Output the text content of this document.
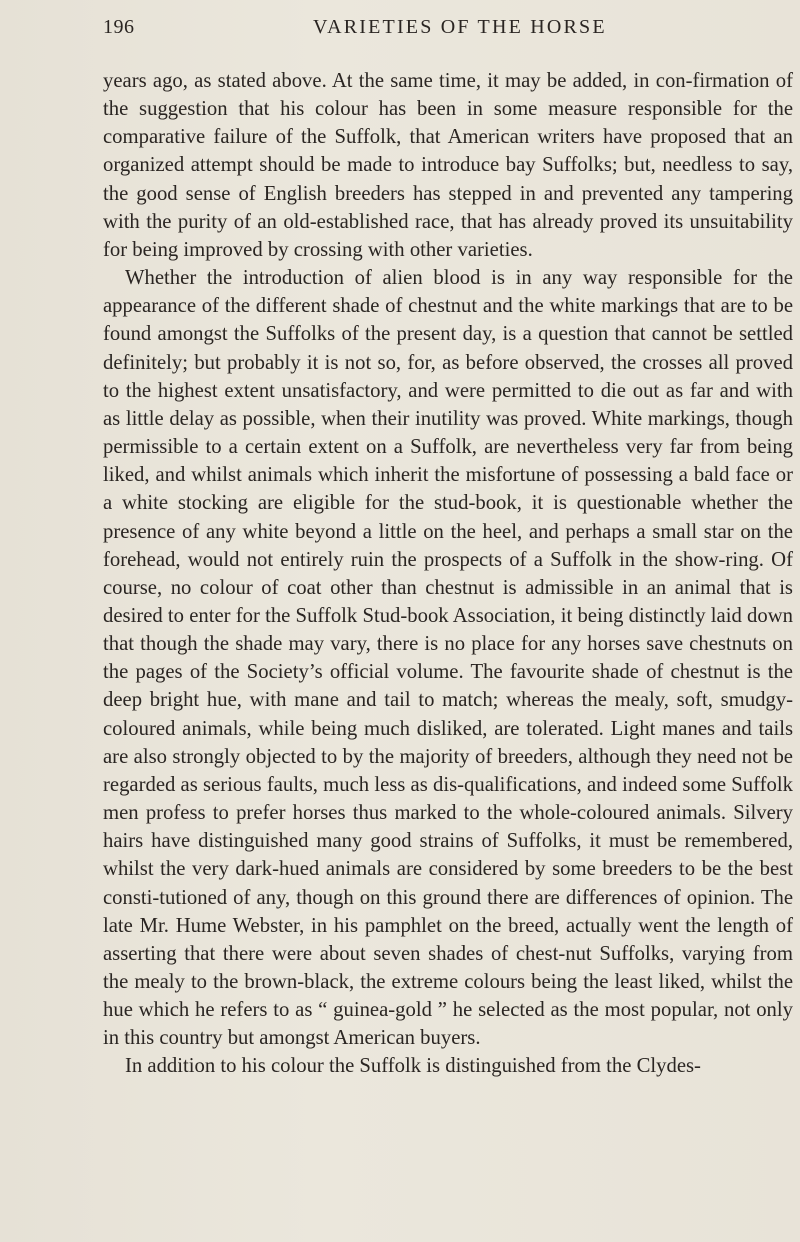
196	VARIETIES OF THE HORSE

years ago, as stated above. At the same time, it may be added, in con-firmation of the suggestion that his colour has been in some measure responsible for the comparative failure of the Suffolk, that American writers have proposed that an organized attempt should be made to introduce bay Suffolks; but, needless to say, the good sense of English breeders has stepped in and prevented any tampering with the purity of an old-established race, that has already proved its unsuitability for being improved by crossing with other varieties.

Whether the introduction of alien blood is in any way responsible for the appearance of the different shade of chestnut and the white markings that are to be found amongst the Suffolks of the present day, is a question that cannot be settled definitely; but probably it is not so, for, as before observed, the crosses all proved to the highest extent unsatisfactory, and were permitted to die out as far and with as little delay as possible, when their inutility was proved. White markings, though permissible to a certain extent on a Suffolk, are nevertheless very far from being liked, and whilst animals which inherit the misfortune of possessing a bald face or a white stocking are eligible for the stud-book, it is questionable whether the presence of any white beyond a little on the heel, and perhaps a small star on the forehead, would not entirely ruin the prospects of a Suffolk in the show-ring. Of course, no colour of coat other than chestnut is admissible in an animal that is desired to enter for the Suffolk Stud-book Association, it being distinctly laid down that though the shade may vary, there is no place for any horses save chestnuts on the pages of the Society’s official volume. The favourite shade of chestnut is the deep bright hue, with mane and tail to match; whereas the mealy, soft, smudgy-coloured animals, while being much disliked, are tolerated. Light manes and tails are also strongly objected to by the majority of breeders, although they need not be regarded as serious faults, much less as dis-qualifications, and indeed some Suffolk men profess to prefer horses thus marked to the whole-coloured animals. Silvery hairs have distinguished many good strains of Suffolks, it must be remembered, whilst the very dark-hued animals are considered by some breeders to be the best consti-tutioned of any, though on this ground there are differences of opinion. The late Mr. Hume Webster, in his pamphlet on the breed, actually went the length of asserting that there were about seven shades of chest-nut Suffolks, varying from the mealy to the brown-black, the extreme colours being the least liked, whilst the hue which he refers to as “ guinea-gold ” he selected as the most popular, not only in this country but amongst American buyers.

In addition to his colour the Suffolk is distinguished from the Clydes-
